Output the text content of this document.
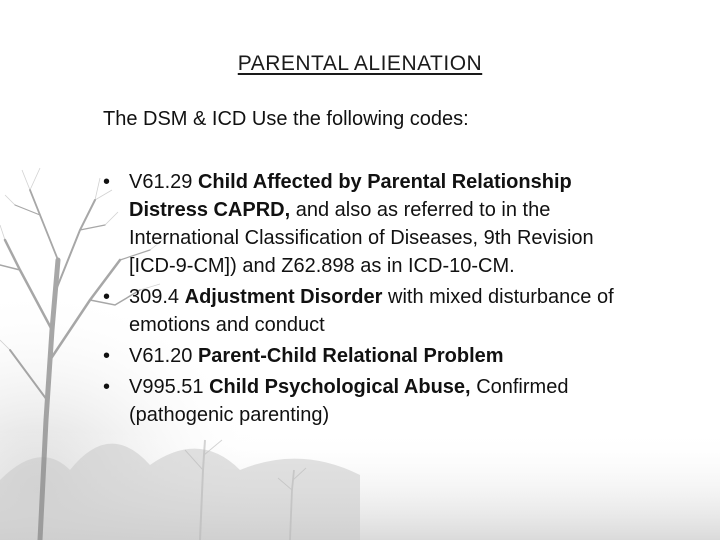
PARENTAL ALIENATION
The DSM & ICD Use the following codes:
• V61.29 Child Affected by Parental Relationship Distress CAPRD, and also as referred to in the International Classification of Diseases, 9th Revision [ICD-9-CM]) and Z62.898 as in ICD-10-CM.
• 309.4 Adjustment Disorder with mixed disturbance of emotions and conduct
• V61.20 Parent-Child Relational Problem
• V995.51 Child Psychological Abuse, Confirmed (pathogenic parenting)
